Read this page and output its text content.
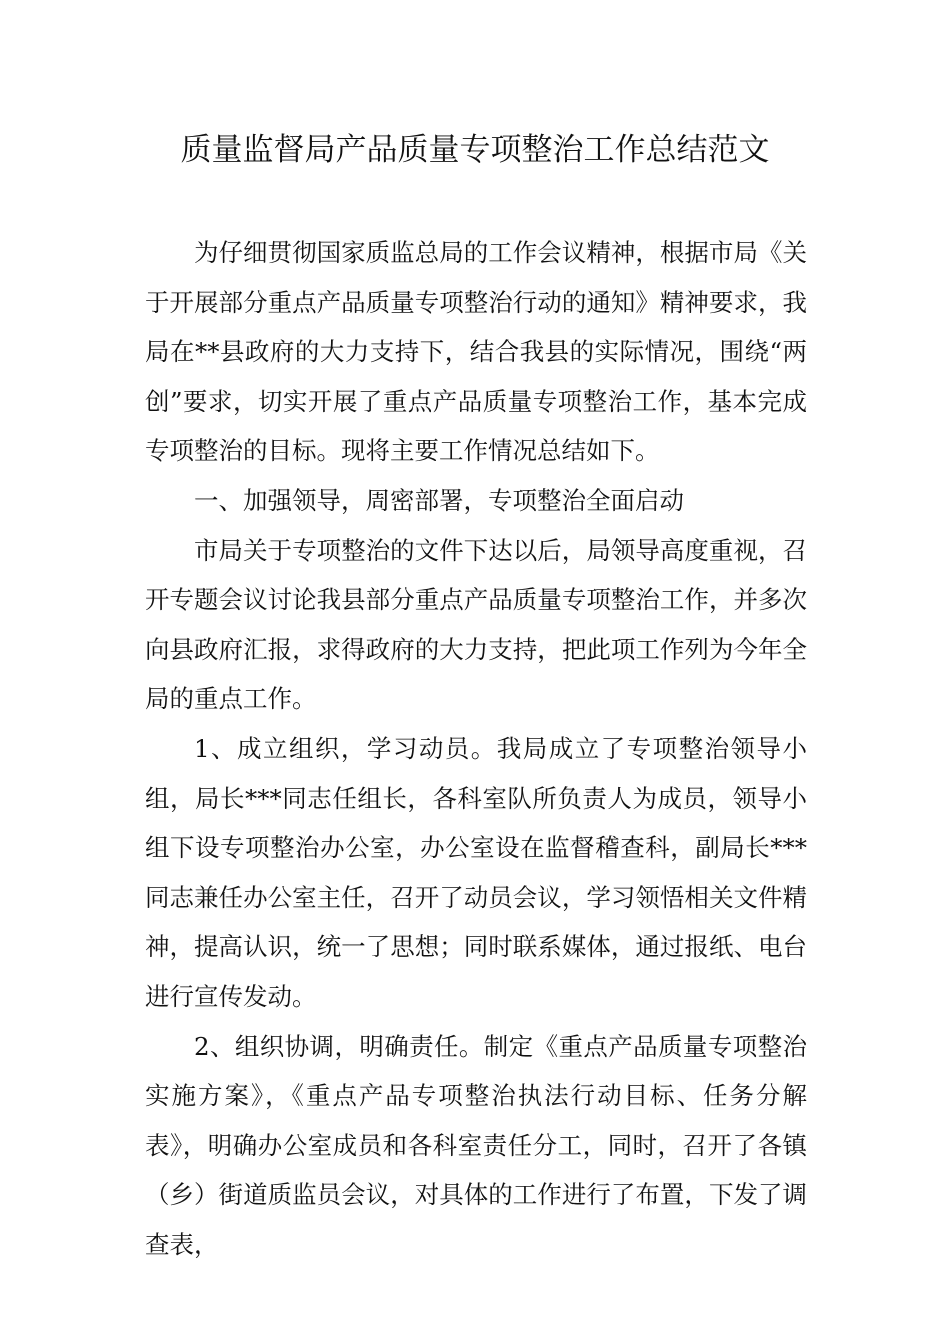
质量监督局产品质量专项整治工作总结范文

为仔细贯彻国家质监总局的工作会议精神，根据市局《关于开展部分重点产品质量专项整治行动的通知》精神要求，我局在**县政府的大力支持下，结合我县的实际情况，围绕“两创”要求，切实开展了重点产品质量专项整治工作，基本完成专项整治的目标。现将主要工作情况总结如下。

一、加强领导，周密部署，专项整治全面启动

市局关于专项整治的文件下达以后，局领导高度重视，召开专题会议讨论我县部分重点产品质量专项整治工作，并多次向县政府汇报，求得政府的大力支持，把此项工作列为今年全局的重点工作。

1、成立组织，学习动员。我局成立了专项整治领导小组，局长***同志任组长，各科室队所负责人为成员，领导小组下设专项整治办公室，办公室设在监督稽查科，副局长***同志兼任办公室主任，召开了动员会议，学习领悟相关文件精神，提高认识，统一了思想；同时联系媒体，通过报纸、电台进行宣传发动。

2、组织协调，明确责任。制定《重点产品质量专项整治实施方案》，《重点产品专项整治执法行动目标、任务分解表》，明确办公室成员和各科室责任分工，同时，召开了各镇（乡）街道质监员会议，对具体的工作进行了布置，下发了调查表，
